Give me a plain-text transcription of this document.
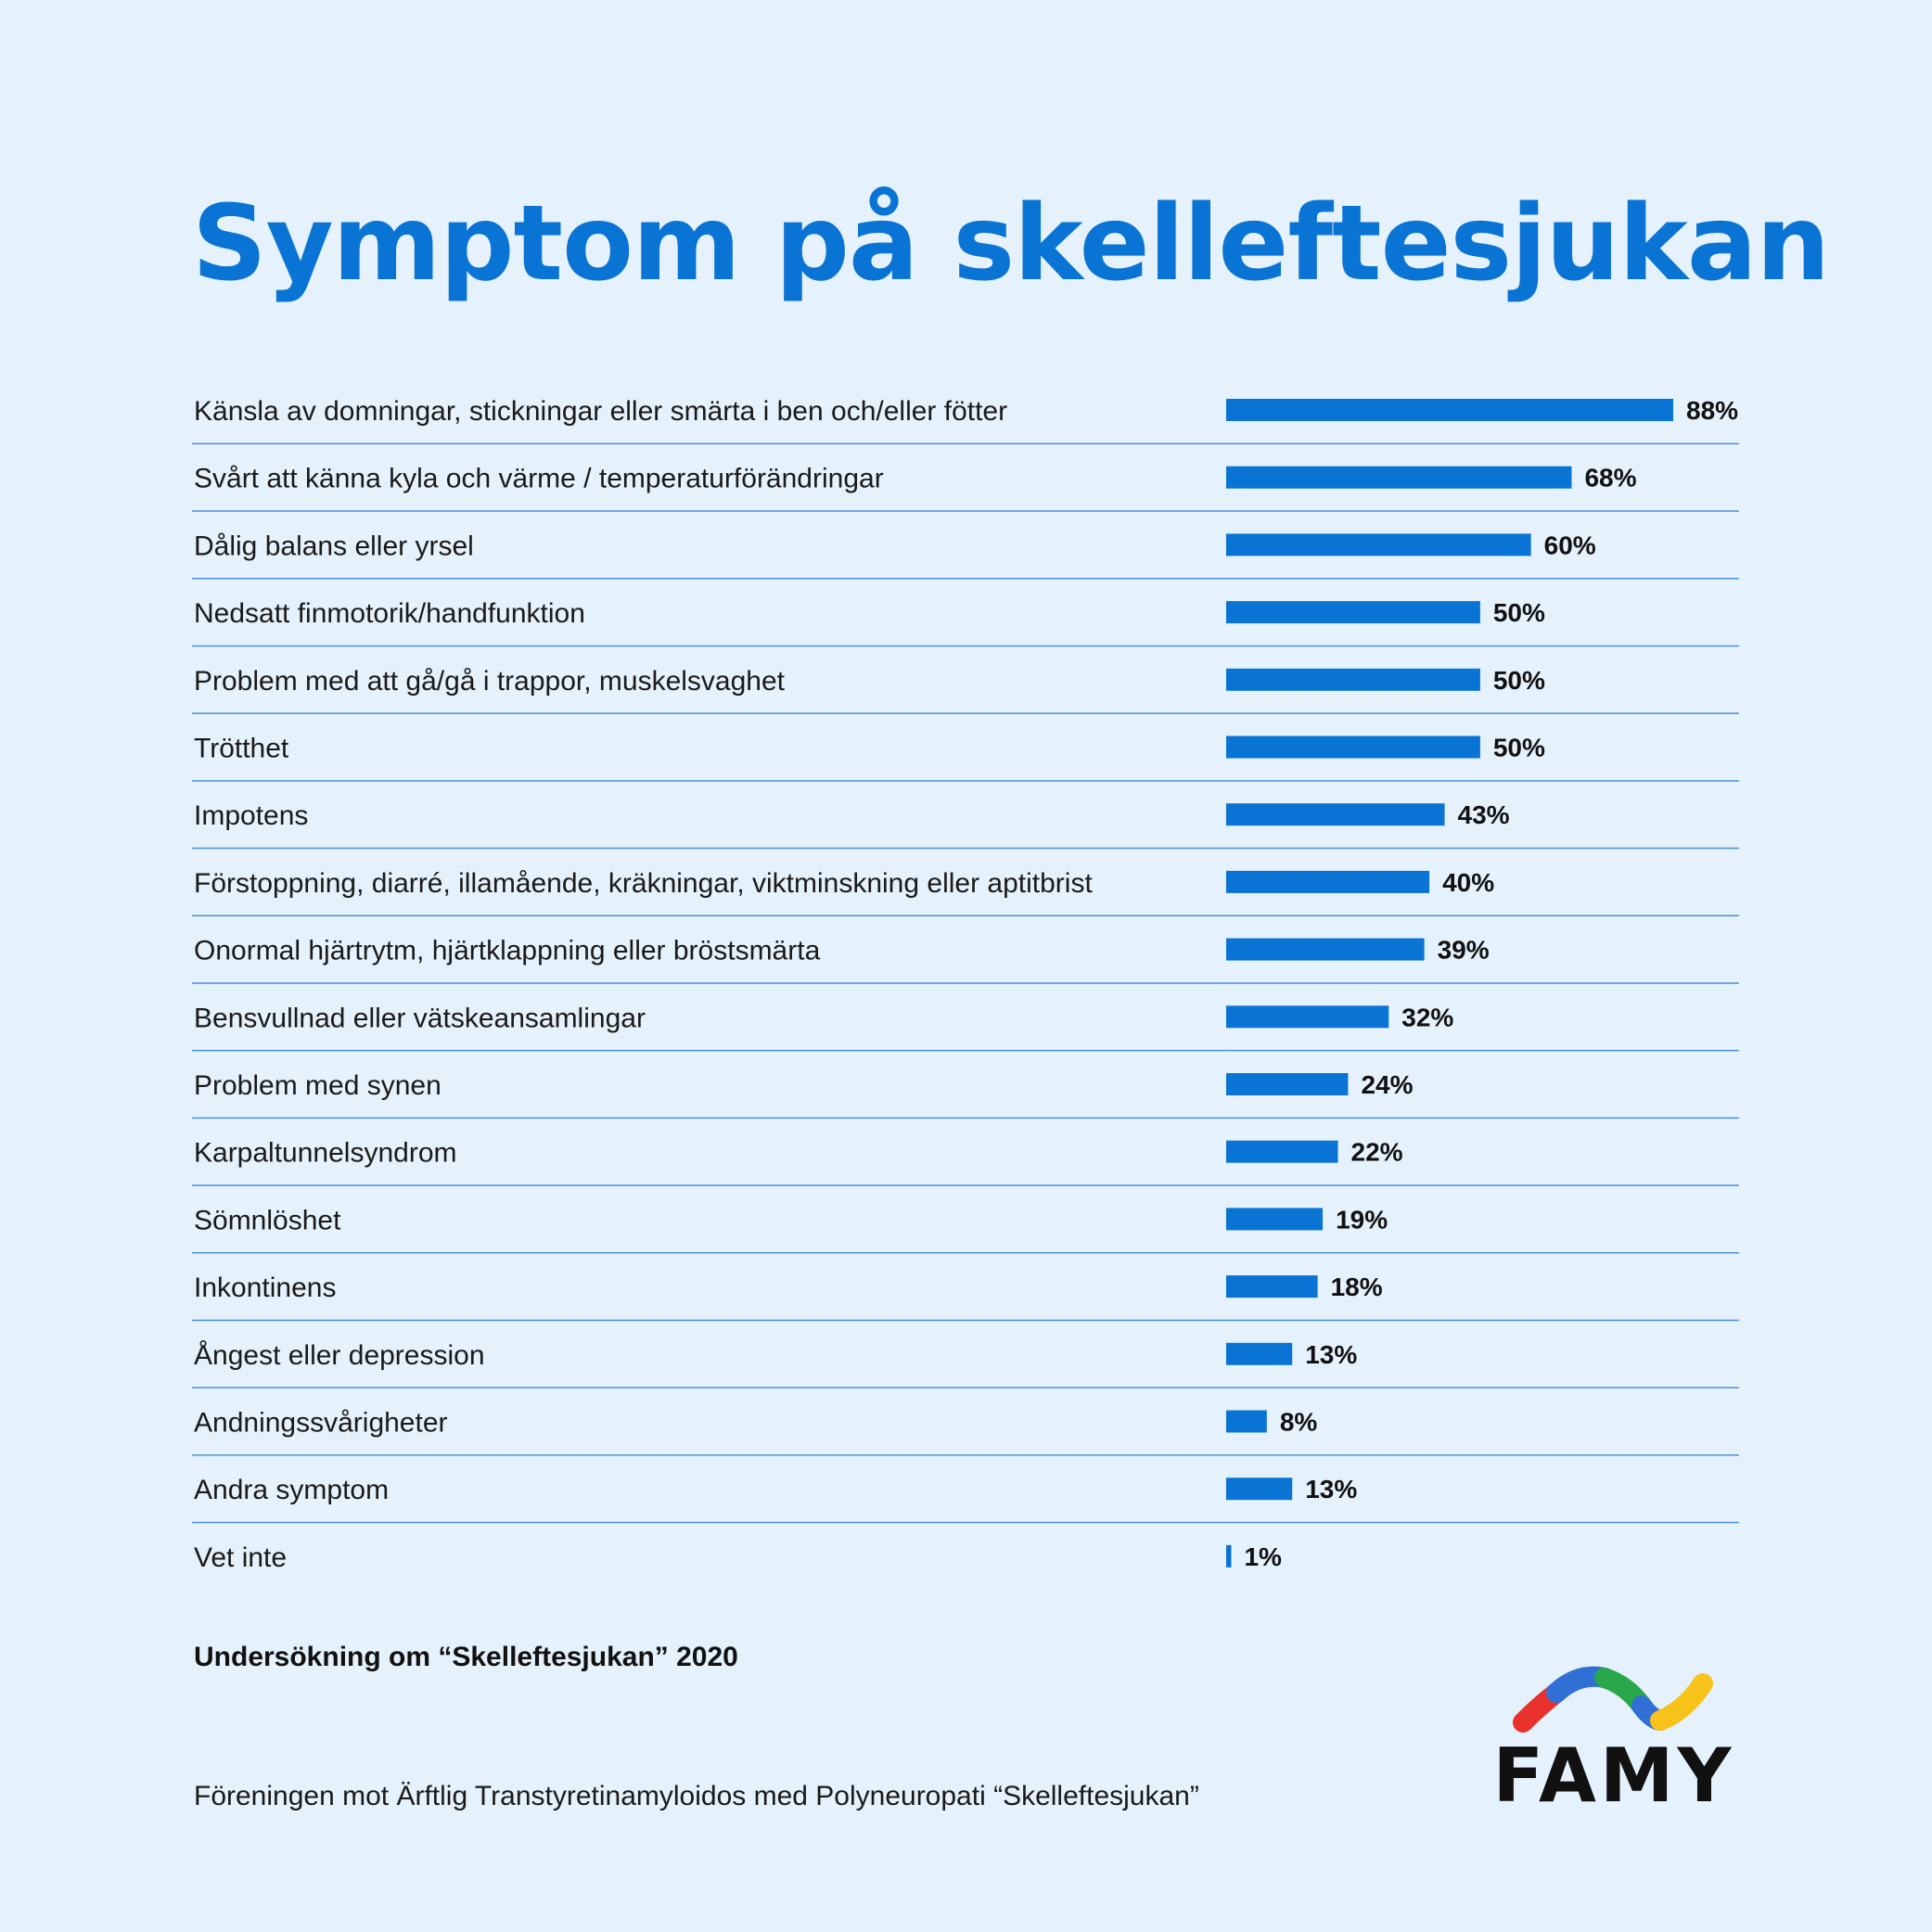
Symptom på skelleftesjukan
Känsla av domningar, stickningar eller smärta i ben och/eller fötter	88%
Svårt att känna kyla och värme / temperaturförändringar	68%
Dålig balans eller yrsel	60%
Nedsatt finmotorik/handfunktion	50%
Problem med att gå/gå i trappor, muskelsvaghet	50%
Trötthet	50%
Impotens	43%
Förstoppning, diarré, illamående, kräkningar, viktminskning eller aptitbrist	40%
Onormal hjärtrytm, hjärtklappning eller bröstsmärta	39%
Bensvullnad eller vätskeansamlingar	32%
Problem med synen	24%
Karpaltunnelsyndrom	22%
Sömnlöshet	19%
Inkontinens	18%
Ångest eller depression	13%
Andningssvårigheter	8%
Andra symptom	13%
Vet inte	1%

Undersökning om “Skelleftesjukan” 2020

Föreningen mot Ärftlig Transtyretinamyloidos med Polyneuropati “Skelleftesjukan”	FAMY
